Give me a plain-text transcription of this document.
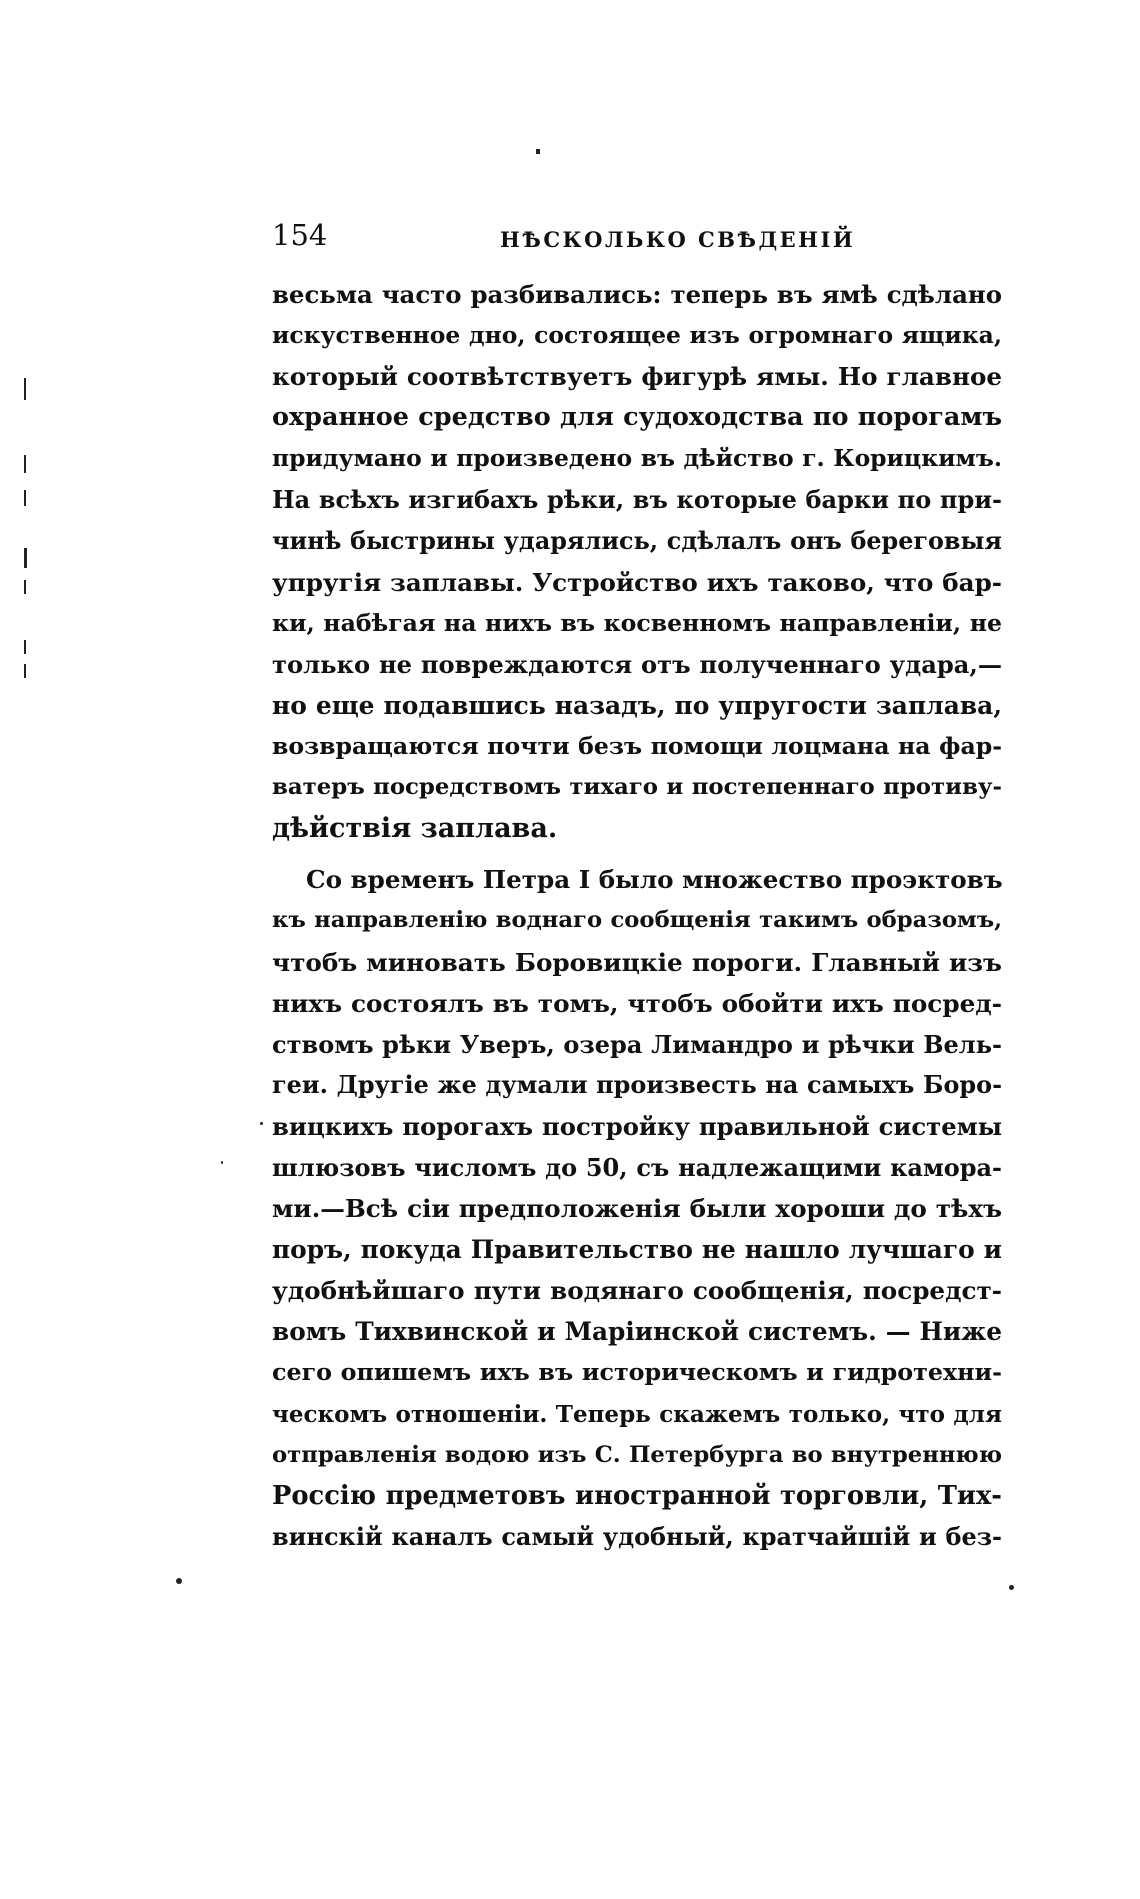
154	НѢСКОЛЬКО СВѢДЕНІЙ
весьма часто разбивались: теперь въ ямѣ сдѣлано
искуственное дно, состоящее изъ огромнаго ящика,
который соотвѣтствуетъ фигурѣ ямы. Но главное
охранное средство для судоходства по порогамъ
придумано и произведено въ дѣйство г. Корицкимъ.
На всѣхъ изгибахъ рѣки, въ которые барки по при-
чинѣ быстрины ударялись, сдѣлалъ онъ береговыя
упругія заплавы. Устройство ихъ таково, что бар-
ки, набѣгая на нихъ въ косвенномъ направленіи, не
только не повреждаются отъ полученнаго удара,—
но еще подавшись назадъ, по упругости заплава,
возвращаются почти безъ помощи лоцмана на фар-
ватеръ посредствомъ тихаго и постепеннаго противу-
дѣйствія заплава.
Со временъ Петра I было множество проэктовъ
къ направленію воднаго сообщенія такимъ образомъ,
чтобъ миновать Боровицкіе пороги. Главный изъ
нихъ состоялъ въ томъ, чтобъ обойти ихъ посред-
ствомъ рѣки Уверъ, озера Лимандро и рѣчки Вель-
геи. Другіе же думали произвесть на самыхъ Боро-
вицкихъ порогахъ постройку правильной системы
шлюзовъ числомъ до 50, съ надлежащими камора-
ми.—Всѣ сіи предположенія были хороши до тѣхъ
поръ, покуда Правительство не нашло лучшаго и
удобнѣйшаго пути водянаго сообщенія, посредст-
вомъ Тихвинской и Маріинской системъ. — Ниже
сего опишемъ ихъ въ историческомъ и гидротехни-
ческомъ отношеніи. Теперь скажемъ только, что для
отправленія водою изъ С. Петербурга во внутреннюю
Россію предметовъ иностранной торговли, Тих-
винскій каналъ самый удобный, кратчайшій и без-
